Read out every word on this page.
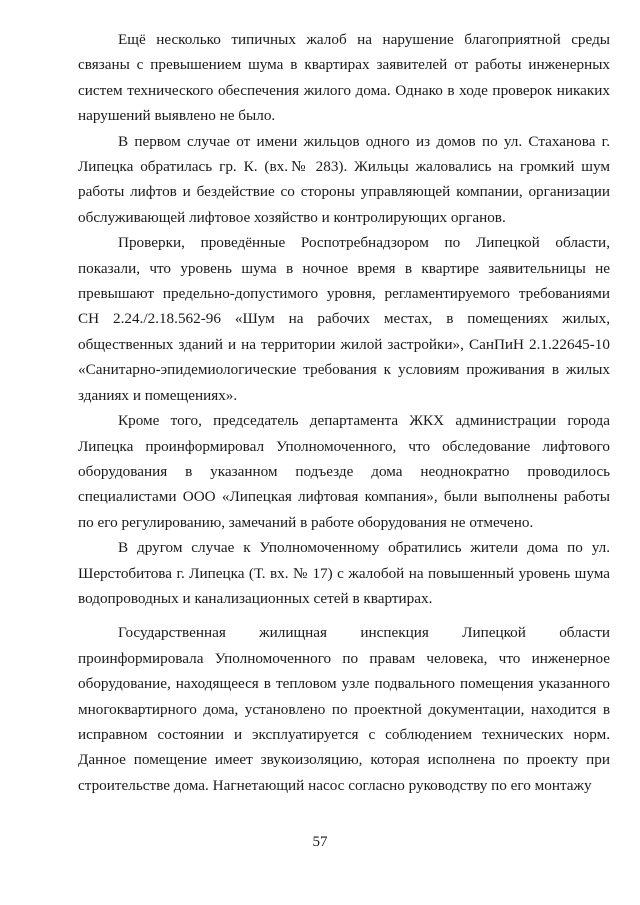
Ещё несколько типичных жалоб на нарушение благоприятной среды связаны с превышением шума в квартирах заявителей от работы инженерных систем технического обеспечения жилого дома. Однако в ходе проверок никаких нарушений выявлено не было.

В первом случае от имени жильцов одного из домов по ул. Стаханова г. Липецка обратилась гр. К. (вх.№ 283). Жильцы жаловались на громкий шум работы лифтов и бездействие со стороны управляющей компании, организации обслуживающей лифтовое хозяйство и контролирующих органов.

Проверки, проведённые Роспотребнадзором по Липецкой области, показали, что уровень шума в ночное время в квартире заявительницы не превышают предельно-допустимого уровня, регламентируемого требованиями СН 2.24./2.18.562-96 «Шум на рабочих местах, в помещениях жилых, общественных зданий и на территории жилой застройки», СанПиН 2.1.22645-10 «Санитарно-эпидемиологические требования к условиям проживания в жилых зданиях и помещениях».

Кроме того, председатель департамента ЖКХ администрации города Липецка проинформировал Уполномоченного, что обследование лифтового оборудования в указанном подъезде дома неоднократно проводилось специалистами ООО «Липецкая лифтовая компания», были выполнены работы по его регулированию, замечаний в работе оборудования не отмечено.

В другом случае к Уполномоченному обратились жители дома по ул. Шерстобитова г. Липецка (Т. вх. № 17) с жалобой на повышенный уровень шума водопроводных и канализационных сетей в квартирах.

Государственная жилищная инспекция Липецкой области проинформировала Уполномоченного по правам человека, что инженерное оборудование, находящееся в тепловом узле подвального помещения указанного многоквартирного дома, установлено по проектной документации, находится в исправном состоянии и эксплуатируется с соблюдением технических норм. Данное помещение имеет звукоизоляцию, которая исполнена по проекту при строительстве дома. Нагнетающий насос согласно руководству по его монтажу

57
